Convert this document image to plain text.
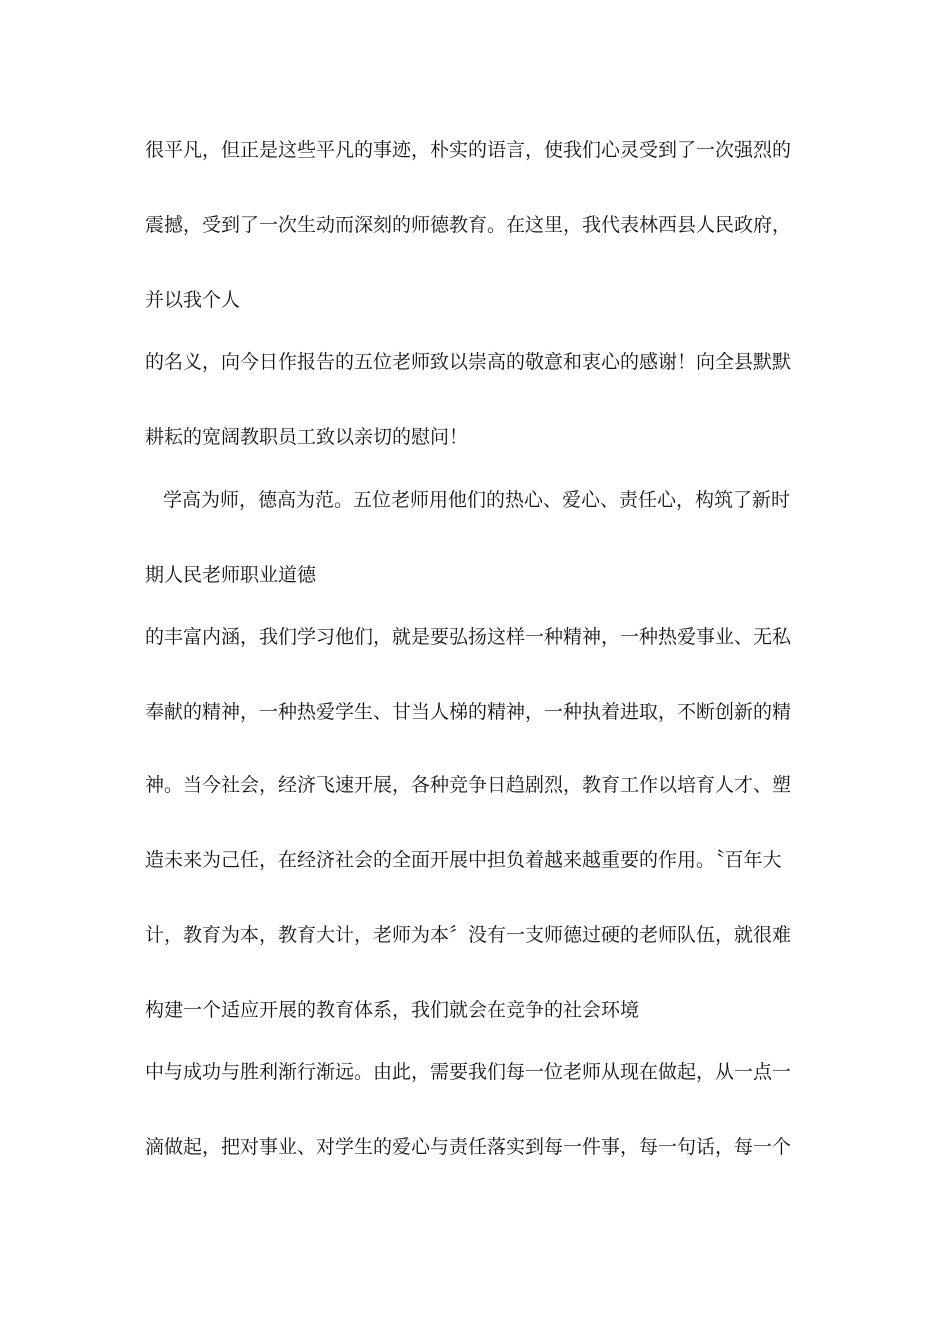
很平凡，但正是这些平凡的事迹，朴实的语言，使我们心灵受到了一次强烈的
震撼，受到了一次生动而深刻的师德教育。在这里，我代表林西县人民政府，
并以我个人
的名义，向今日作报告的五位老师致以崇高的敬意和衷心的感谢！向全县默默
耕耘的宽阔教职员工致以亲切的慰问！
学高为师，德高为范。五位老师用他们的热心、爱心、责任心，构筑了新时
期人民老师职业道德
的丰富内涵，我们学习他们，就是要弘扬这样一种精神，一种热爱事业、无私
奉献的精神，一种热爱学生、甘当人梯的精神，一种执着进取，不断创新的精
神。当今社会，经济飞速开展，各种竞争日趋剧烈，教育工作以培育人才、塑
造未来为己任，在经济社会的全面开展中担负着越来越重要的作用。〝百年大
计，教育为本，教育大计，老师为本〞没有一支师德过硬的老师队伍，就很难
构建一个适应开展的教育体系，我们就会在竞争的社会环境
中与成功与胜利渐行渐远。由此，需要我们每一位老师从现在做起，从一点一
滴做起，把对事业、对学生的爱心与责任落实到每一件事，每一句话，每一个
